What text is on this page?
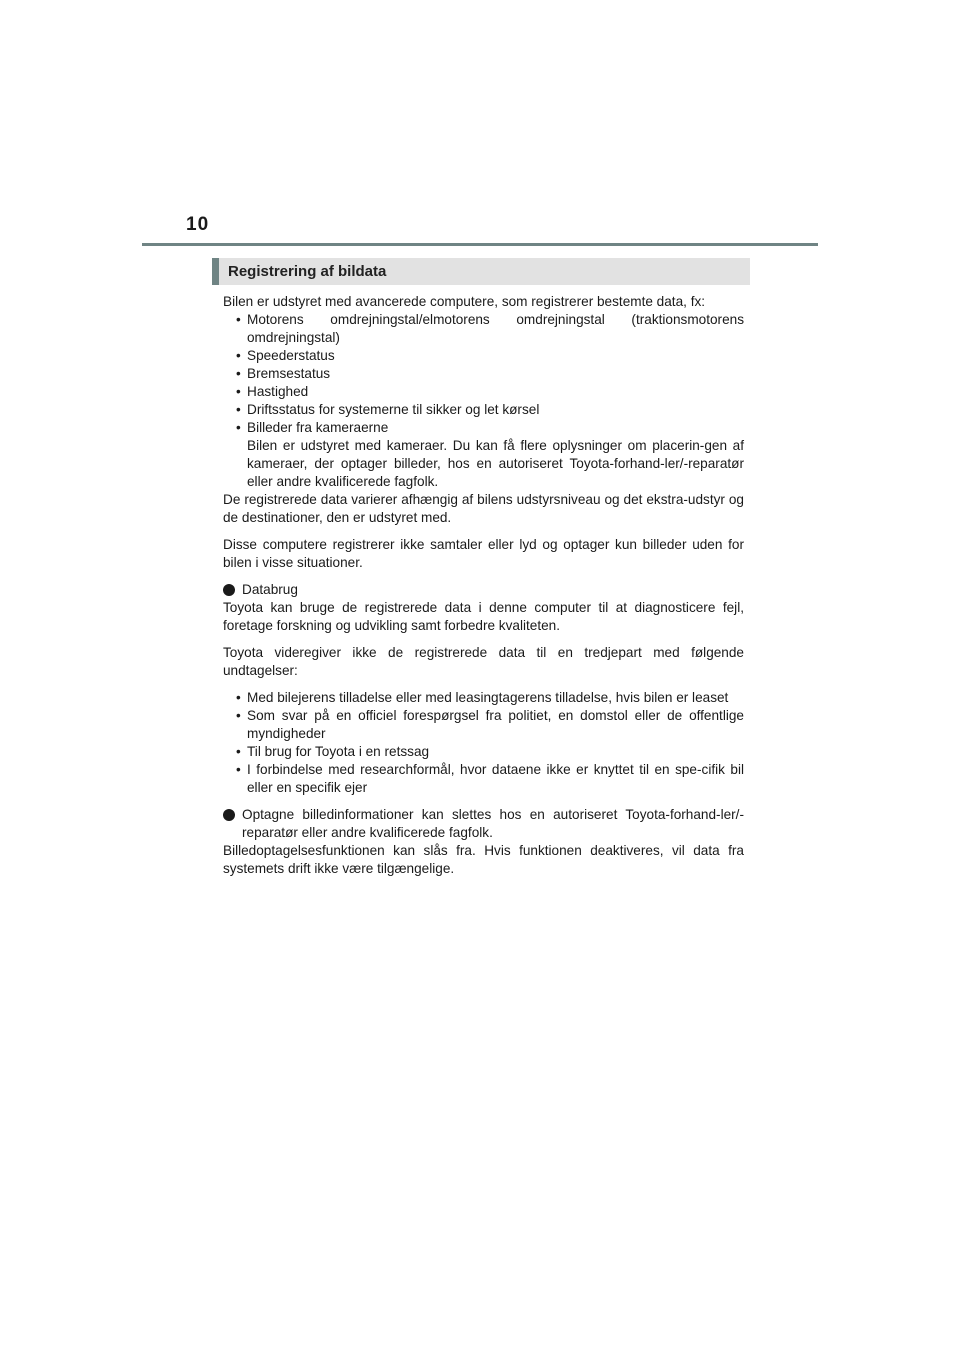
10
Registrering af bildata

Bilen er udstyret med avancerede computere, som registrerer bestemte data, fx:

• Motorens omdrejningstal/elmotorens omdrejningstal (traktionsmotorens omdrejningstal)
• Speederstatus
• Bremsestatus
• Hastighed
• Driftsstatus for systemerne til sikker og let kørsel
• Billeder fra kameraerne
Bilen er udstyret med kameraer. Du kan få flere oplysninger om placerin-gen af kameraer, der optager billeder, hos en autoriseret Toyota-forhand-ler/-reparatør eller andre kvalificerede fagfolk.

De registrerede data varierer afhængig af bilens udstyrsniveau og det ekstra-udstyr og de destinationer, den er udstyret med.

Disse computere registrerer ikke samtaler eller lyd og optager kun billeder uden for bilen i visse situationer.

Databrug

Toyota kan bruge de registrerede data i denne computer til at diagnosticere fejl, foretage forskning og udvikling samt forbedre kvaliteten.

Toyota videregiver ikke de registrerede data til en tredjepart med følgende undtagelser:

• Med bilejerens tilladelse eller med leasingtagerens tilladelse, hvis bilen er leaset
• Som svar på en officiel forespørgsel fra politiet, en domstol eller de offentlige myndigheder
• Til brug for Toyota i en retssag
• I forbindelse med researchformål, hvor dataene ikke er knyttet til en spe-cifik bil eller en specifik ejer
Optagne billedinformationer kan slettes hos en autoriseret Toyota-forhand-ler/-reparatør eller andre kvalificerede fagfolk.

Billedoptagelsesfunktionen kan slås fra. Hvis funktionen deaktiveres, vil data fra systemets drift ikke være tilgængelige.
